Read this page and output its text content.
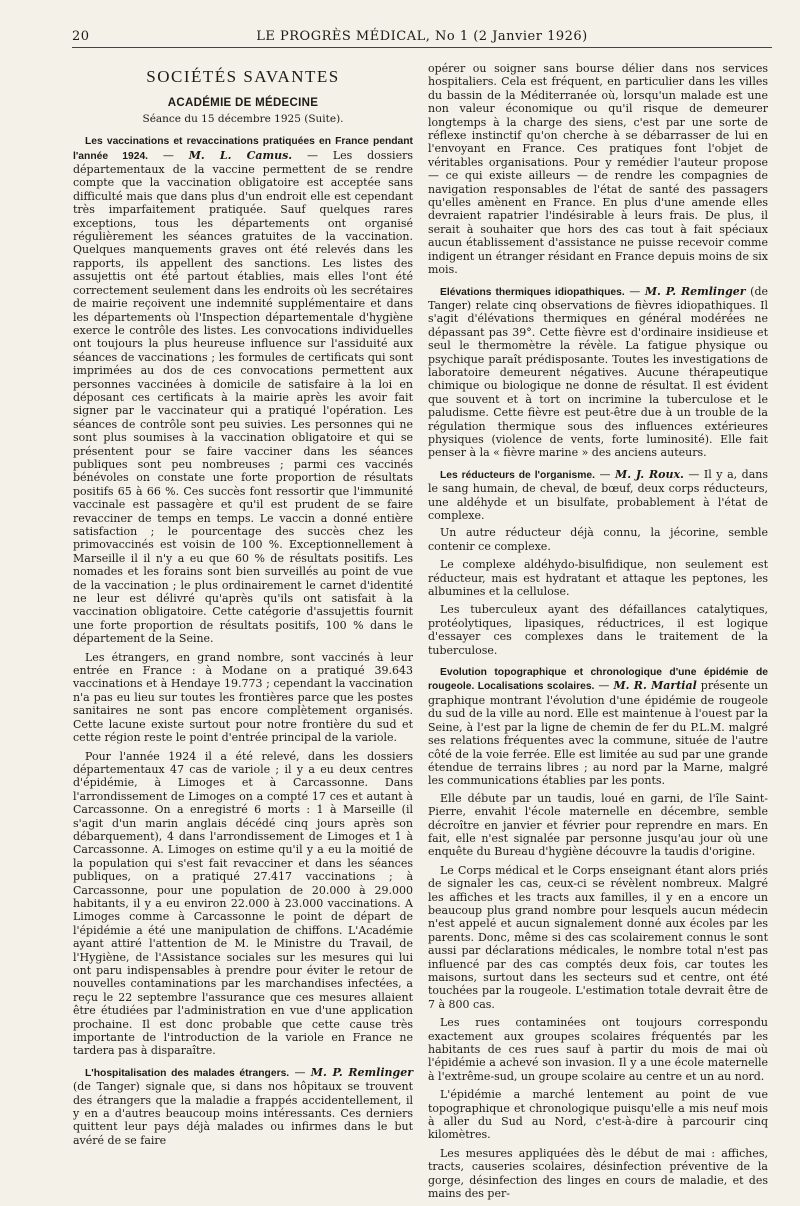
20	LE PROGRÈS MÉDICAL, No 1 (2 Janvier 1926)
SOCIÉTÉS SAVANTES
ACADÉMIE DE MÉDECINE
Séance du 15 décembre 1925 (Suite).

Les vaccinations et revaccinations pratiquées en France pendant l'année 1924. — M. L. Camus. — Les dossiers départementaux de la vaccine permettent de se rendre compte que la vaccination obligatoire est acceptée sans difficulté mais que dans plus d'un endroit elle est cependant très imparfaitement pratiquée. Sauf quelques rares exceptions, tous les départements ont organisé régulièrement les séances gratuites de la vaccination. Quelques manquements graves ont été relevés dans les rapports, ils appellent des sanctions. Les listes des assujettis ont été partout établies, mais elles l'ont été correctement seulement dans les endroits où les secrétaires de mairie reçoivent une indemnité supplémentaire et dans les départements où l'Inspection départementale d'hygiène exerce le contrôle des listes. Les convocations individuelles ont toujours la plus heureuse influence sur l'assiduité aux séances de vaccinations ; les formules de certificats qui sont imprimées au dos de ces convocations permettent aux personnes vaccinées à domicile de satisfaire à la loi en déposant ces certificats à la mairie après les avoir fait signer par le vaccinateur qui a pratiqué l'opération. Les séances de contrôle sont peu suivies. Les personnes qui ne sont plus soumises à la vaccination obligatoire et qui se présentent pour se faire vacciner dans les séances publiques sont peu nombreuses ; parmi ces vaccinés bénévoles on constate une forte proportion de résultats positifs 65 à 66 %. Ces succès font ressortir que l'immunité vaccinale est passagère et qu'il est prudent de se faire revacciner de temps en temps. Le vaccin a donné entière satisfaction ; le pourcentage des succès chez les primovaccinés est voisin de 100 %. Exceptionnellement à Marseille il il n'y a eu que 60 % de résultats positifs. Les nomades et les forains sont bien surveillés au point de vue de la vaccination ; le plus ordinairement le carnet d'identité ne leur est délivré qu'après qu'ils ont satisfait à la vaccination obligatoire. Cette catégorie d'assujettis fournit une forte proportion de résultats positifs, 100 % dans le département de la Seine.

Les étrangers, en grand nombre, sont vaccinés à leur entrée en France : à Modane on a pratiqué 39.643 vaccinations et à Hendaye 19.773 ; cependant la vaccination n'a pas eu lieu sur toutes les frontières parce que les postes sanitaires ne sont pas encore complètement organisés. Cette lacune existe surtout pour notre frontière du sud et cette région reste le point d'entrée principal de la variole.

Pour l'année 1924 il a été relevé, dans les dossiers départementaux 47 cas de variole ; il y a eu deux centres d'épidémie, à Limoges et à Carcassonne. Dans l'arrondissement de Limoges on a compté 17 ces et autant à Carcassonne. On a enregistré 6 morts : 1 à Marseille (il s'agit d'un marin anglais décédé cinq jours après son débarquement), 4 dans l'arrondissement de Limoges et 1 à Carcassonne. A. Limoges on estime qu'il y a eu la moitié de la population qui s'est fait revacciner et dans les séances publiques, on a pratiqué 27.417 vaccinations ; à Carcassonne, pour une population de 20.000 à 29.000 habitants, il y a eu environ 22.000 à 23.000 vaccinations. A Limoges comme à Carcassonne le point de départ de l'épidémie a été une manipulation de chiffons. L'Académie ayant attiré l'attention de M. le Ministre du Travail, de l'Hygiène, de l'Assistance sociales sur les mesures qui lui ont paru indispensables à prendre pour éviter le retour de nouvelles contaminations par les marchandises infectées, a reçu le 22 septembre l'assurance que ces mesures allaient être étudiées par l'administration en vue d'une application prochaine. Il est donc probable que cette cause très importante de l'introduction de la variole en France ne tardera pas à disparaître.

L'hospitalisation des malades étrangers. — M. P. Remlinger (de Tanger) signale que, si dans nos hôpitaux se trouvent des étrangers que la maladie a frappés accidentellement, il y en a d'autres beaucoup moins intéressants. Ces derniers quittent leur pays déjà malades ou infirmes dans le but avéré de se faire

opérer ou soigner sans bourse délier dans nos services hospitaliers. Cela est fréquent, en particulier dans les villes du bassin de la Méditerranée où, lorsqu'un malade est une non valeur économique ou qu'il risque de demeurer longtemps à la charge des siens, c'est par une sorte de réflexe instinctif qu'on cherche à se débarrasser de lui en l'envoyant en France. Ces pratiques font l'objet de véritables organisations. Pour y remédier l'auteur propose — ce qui existe ailleurs — de rendre les compagnies de navigation responsables de l'état de santé des passagers qu'elles amènent en France. En plus d'une amende elles devraient rapatrier l'indésirable à leurs frais. De plus, il serait à souhaiter que hors des cas tout à fait spéciaux aucun établissement d'assistance ne puisse recevoir comme indigent un étranger résidant en France depuis moins de six mois.

Elévations thermiques idiopathiques. — M. P. Remlinger (de Tanger) relate cinq observations de fièvres idiopathiques. Il s'agit d'élévations thermiques en général modérées ne dépassant pas 39°. Cette fièvre est d'ordinaire insidieuse et seul le thermomètre la révèle. La fatigue physique ou psychique paraît prédisposante. Toutes les investigations de laboratoire demeurent négatives. Aucune thérapeutique chimique ou biologique ne donne de résultat. Il est évident que souvent et à tort on incrimine la tuberculose et le paludisme. Cette fièvre est peut-être due à un trouble de la régulation thermique sous des influences extérieures physiques (violence de vents, forte luminosité). Elle fait penser à la « fièvre marine » des anciens auteurs.

Les réducteurs de l'organisme. — M. J. Roux. — Il y a, dans le sang humain, de cheval, de bœuf, deux corps réducteurs, une aldéhyde et un bisulfate, probablement à l'état de complexe.

Un autre réducteur déjà connu, la jécorine, semble contenir ce complexe.

Le complexe aldéhydo-bisulfidique, non seulement est réducteur, mais est hydratant et attaque les peptones, les albumines et la cellulose.

Les tuberculeux ayant des défaillances catalytiques, protéolytiques, lipasiques, réductrices, il est logique d'essayer ces complexes dans le traitement de la tuberculose.

Evolution topographique et chronologique d'une épidémie de rougeole. Localisations scolaires. — M. R. Martial présente un graphique montrant l'évolution d'une épidémie de rougeole du sud de la ville au nord. Elle est maintenue à l'ouest par la Seine, à l'est par la ligne de chemin de fer du P.L.M. malgré ses relations fréquentes avec la commune, située de l'autre côté de la voie ferrée. Elle est limitée au sud par une grande étendue de terrains libres ; au nord par la Marne, malgré les communications établies par les ponts.

Elle débute par un taudis, loué en garni, de l'île Saint-Pierre, envahit l'école maternelle en décembre, semble décroître en janvier et février pour reprendre en mars. En fait, elle n'est signalée par personne jusqu'au jour où une enquête du Bureau d'hygiène découvre la taudis d'origine.

Le Corps médical et le Corps enseignant étant alors priés de signaler les cas, ceux-ci se révèlent nombreux. Malgré les affiches et les tracts aux familles, il y en a encore un beaucoup plus grand nombre pour lesquels aucun médecin n'est appelé et aucun signalement donné aux écoles par les parents. Donc, même si des cas scolairement connus le sont aussi par déclarations médicales, le nombre total n'est pas influencé par des cas comptés deux fois, car toutes les maisons, surtout dans les secteurs sud et centre, ont été touchées par la rougeole. L'estimation totale devrait être de 7 à 800 cas.

Les rues contaminées ont toujours correspondu exactement aux groupes scolaires fréquentés par les habitants de ces rues sauf à partir du mois de mai où l'épidémie a achevé son invasion. Il y a une école maternelle à l'extrême-sud, un groupe scolaire au centre et un au nord.

L'épidémie a marché lentement au point de vue topographique et chronologique puisqu'elle a mis neuf mois à aller du Sud au Nord, c'est-à-dire à parcourir cinq kilomètres.

Les mesures appliquées dès le début de mai : affiches, tracts, causeries scolaires, désinfection préventive de la gorge, désinfection des linges en cours de maladie, et des mains des per-
